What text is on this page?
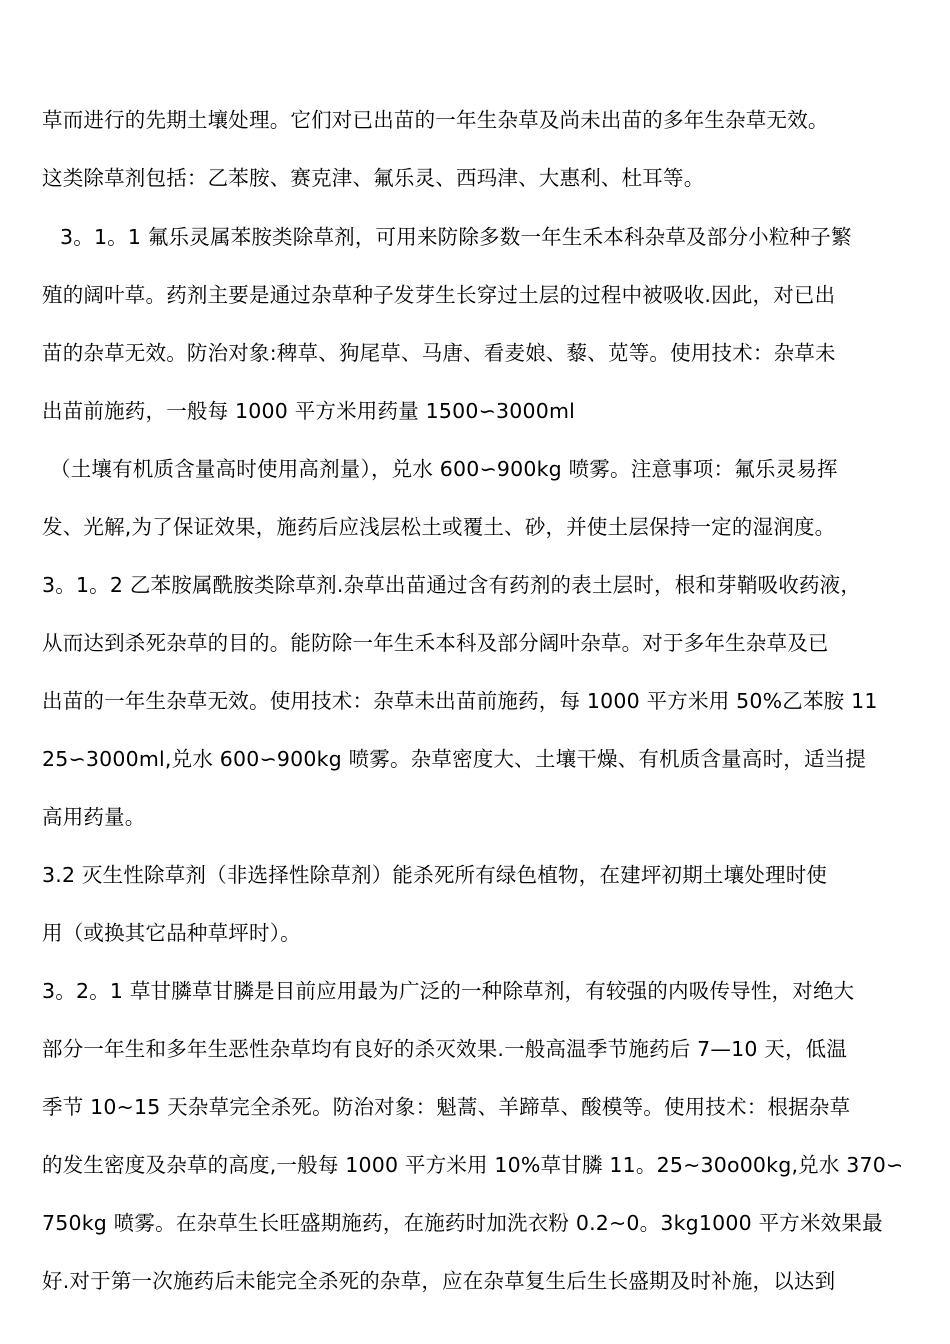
草而进行的先期土壤处理。它们对已出苗的一年生杂草及尚未出苗的多年生杂草无效。
这类除草剂包括：乙苯胺、赛克津、氟乐灵、西玛津、大惠利、杜耳等。
3。1。1 氟乐灵属苯胺类除草剂，可用来防除多数一年生禾本科杂草及部分小粒种子繁
殖的阔叶草。药剂主要是通过杂草种子发芽生长穿过土层的过程中被吸收.因此，对已出
苗的杂草无效。防治对象:稗草、狗尾草、马唐、看麦娘、藜、苋等。使用技术：杂草未
出苗前施药，一般每 1000 平方米用药量 1500∽3000ml
（土壤有机质含量高时使用高剂量），兑水 600∽900kg 喷雾。注意事项：氟乐灵易挥
发、光解,为了保证效果，施药后应浅层松土或覆土、砂，并使土层保持一定的湿润度。
3。1。2 乙苯胺属酰胺类除草剂.杂草出苗通过含有药剂的表土层时，根和芽鞘吸收药液，
从而达到杀死杂草的目的。能防除一年生禾本科及部分阔叶杂草。对于多年生杂草及已
出苗的一年生杂草无效。使用技术：杂草未出苗前施药，每 1000 平方米用 50%乙苯胺 11
25∽3000ml,兑水 600∽900kg 喷雾。杂草密度大、土壤干燥、有机质含量高时，适当提
高用药量。
3.2 灭生性除草剂（非选择性除草剂）能杀死所有绿色植物，在建坪初期土壤处理时使
用（或换其它品种草坪时）。
3。2。1 草甘膦草甘膦是目前应用最为广泛的一种除草剂，有较强的内吸传导性，对绝大
部分一年生和多年生恶性杂草均有良好的杀灭效果.一般高温季节施药后 7—10 天，低温
季节 10~15 天杂草完全杀死。防治对象：魁蒿、羊蹄草、酸模等。使用技术：根据杂草
的发生密度及杂草的高度,一般每 1000 平方米用 10%草甘膦 11。25~30o00kg,兑水 370∽
750kg 喷雾。在杂草生长旺盛期施药，在施药时加洗衣粉 0.2~0。3kg1000 平方米效果最
好.对于第一次施药后未能完全杀死的杂草，应在杂草复生后生长盛期及时补施，以达到
